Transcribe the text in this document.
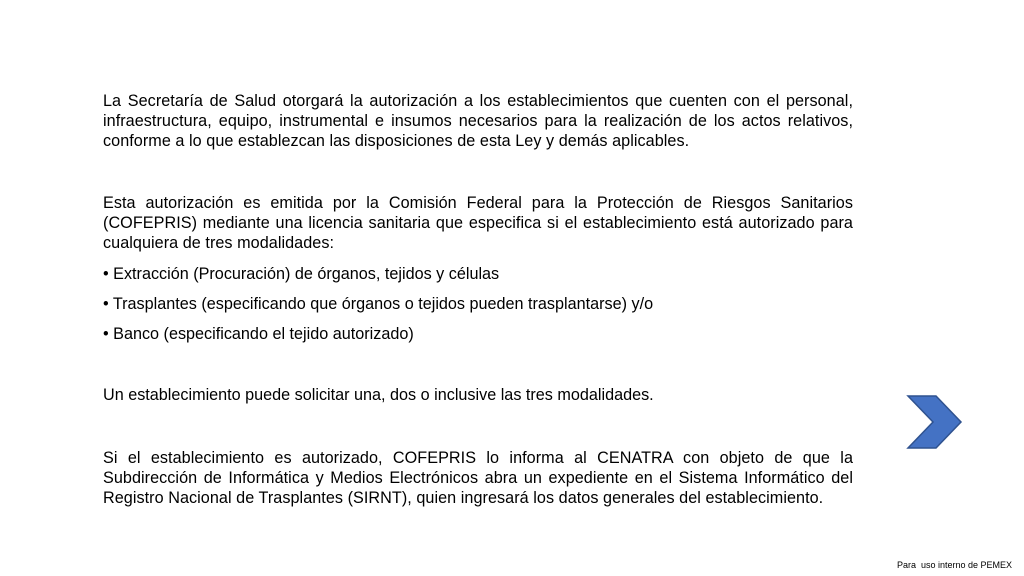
La Secretaría de Salud otorgará la autorización a los establecimientos que cuenten con el personal, infraestructura, equipo, instrumental e insumos necesarios para la realización de los actos relativos, conforme a lo que establezcan las disposiciones de esta Ley y demás aplicables.
Esta autorización es emitida por la Comisión Federal para la Protección de Riesgos Sanitarios (COFEPRIS) mediante una licencia sanitaria que especifica si el establecimiento está autorizado para cualquiera de tres modalidades:
• Extracción (Procuración) de órganos, tejidos y células
• Trasplantes (especificando que órganos o tejidos pueden trasplantarse) y/o
• Banco (especificando el tejido autorizado)
Un establecimiento puede solicitar una, dos o inclusive las tres modalidades.
Si el establecimiento es autorizado, COFEPRIS lo informa al CENATRA con objeto de que la Subdirección de Informática y Medios Electrónicos abra un expediente en el Sistema Informático del Registro Nacional de Trasplantes (SIRNT), quien ingresará los datos generales del establecimiento.
Para  uso interno de PEMEX
